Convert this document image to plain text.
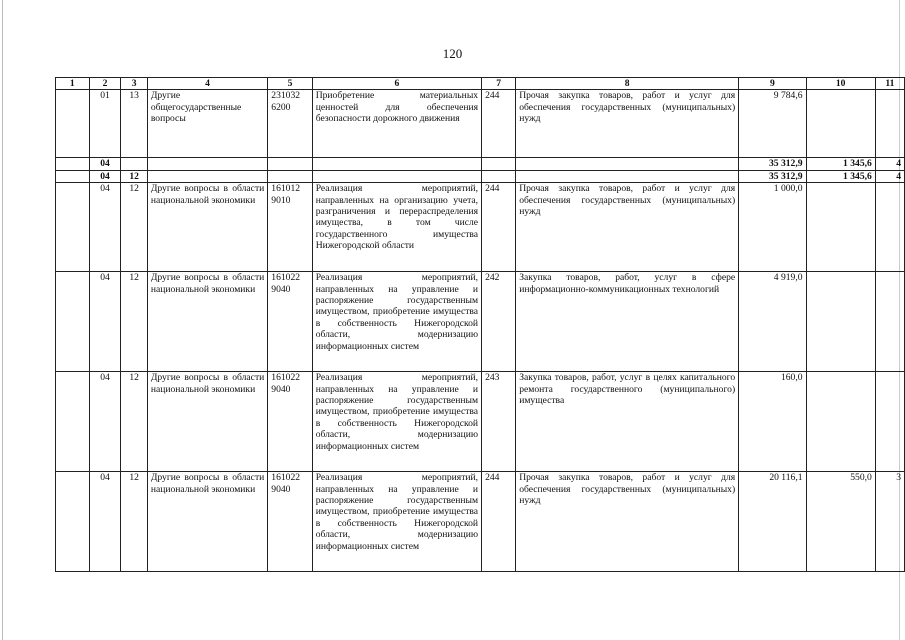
120
1	2	3	4	5	6	7	8	9	10	11
	01	13	Другие общегосударственные вопросы	231032 6200	Приобретение материальных ценностей для обеспечения безопасности дорожного движения	244	Прочая закупка товаров, работ и услуг для обеспечения государственных (муниципальных) нужд	9 784,6		
	04							35 312,9	1 345,6	4
	04	12						35 312,9	1 345,6	4
	04	12	Другие вопросы в области национальной экономики	161012 9010	Реализация мероприятий, направленных на организацию учета, разграничения и перераспределения имущества, в том числе государственного имущества Нижегородской области	244	Прочая закупка товаров, работ и услуг для обеспечения государственных (муниципальных) нужд	1 000,0		
	04	12	Другие вопросы в области национальной экономики	161022 9040	Реализация мероприятий, направленных на управление и распоряжение государственным имуществом, приобретение имущества в собственность Нижегородской области, модернизацию информационных систем	242	Закупка товаров, работ, услуг в сфере информационно-коммуникационных технологий	4 919,0		
	04	12	Другие вопросы в области национальной экономики	161022 9040	Реализация мероприятий, направленных на управление и распоряжение государственным имуществом, приобретение имущества в собственность Нижегородской области, модернизацию информационных систем	243	Закупка товаров, работ, услуг в целях капитального ремонта государственного (муниципального) имущества	160,0		
	04	12	Другие вопросы в области национальной экономики	161022 9040	Реализация мероприятий, направленных на управление и распоряжение государственным имуществом, приобретение имущества в собственность Нижегородской области, модернизацию информационных систем	244	Прочая закупка товаров, работ и услуг для обеспечения государственных (муниципальных) нужд	20 116,1	550,0	3
